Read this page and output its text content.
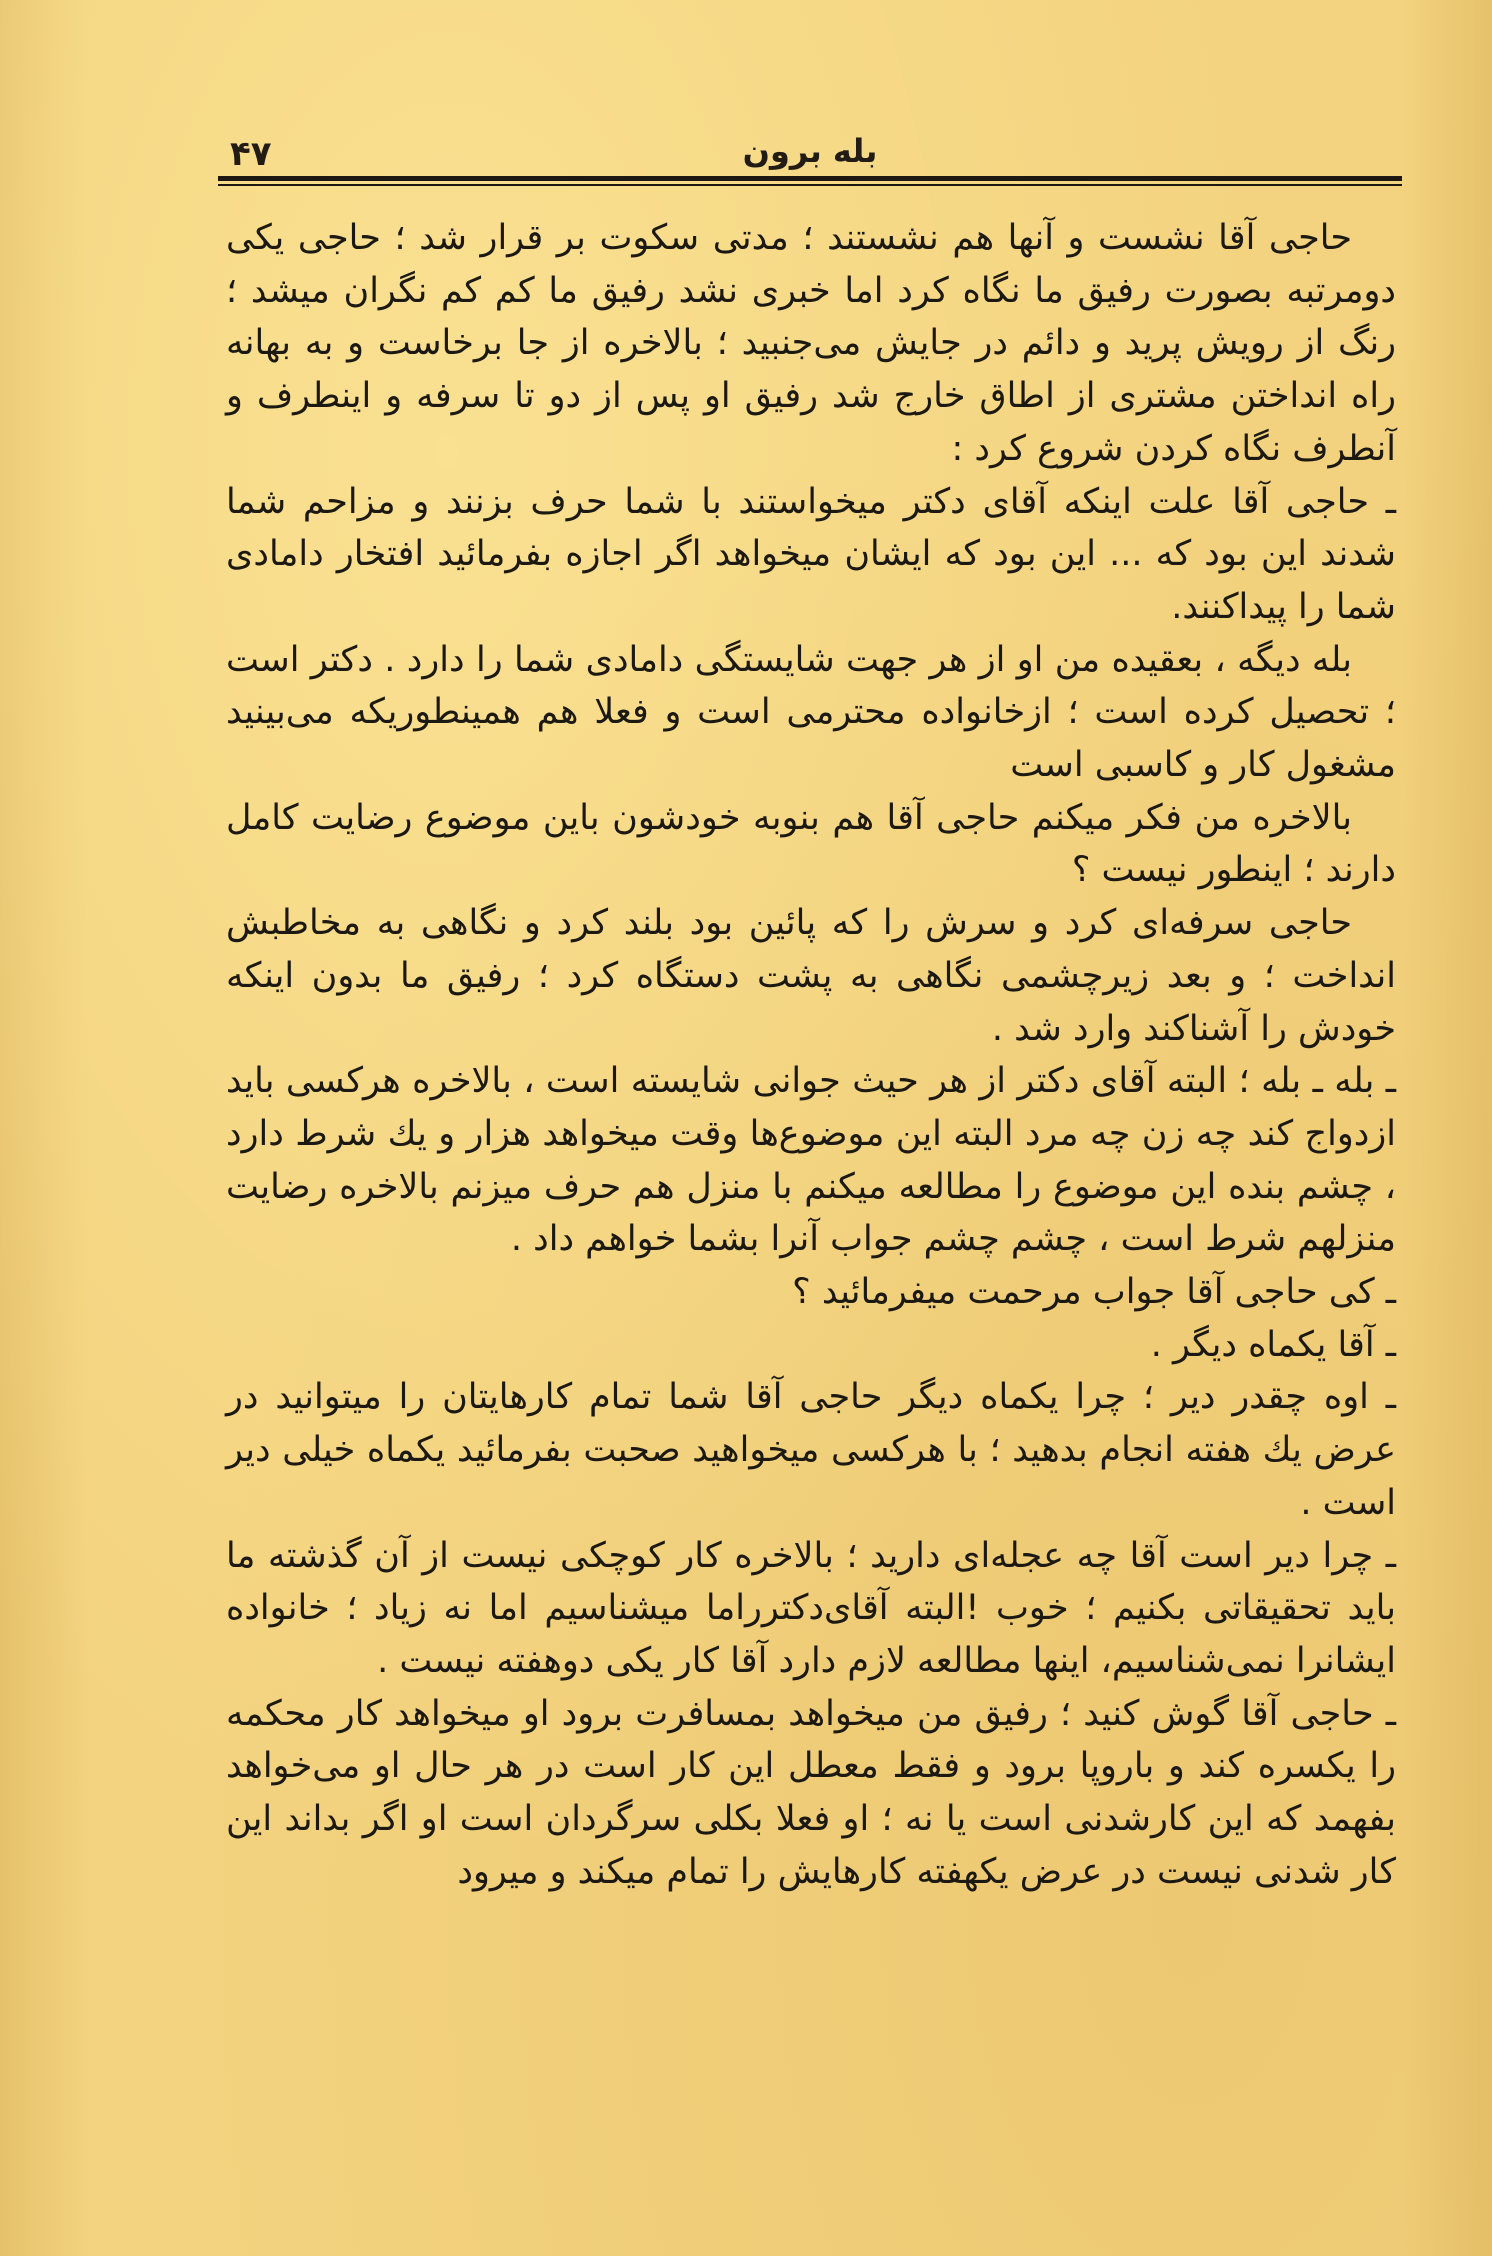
۴۷	بله برون

حاجی آقا نشست و آنها هم نشستند ؛ مدتی سکوت بر قرار شد ؛ حاجی یکی دومرتبه بصورت رفیق ما نگاه کرد اما خبری نشد رفیق ما کم کم نگران میشد ؛ رنگ از رویش پرید و دائم در جایش می‌جنبید ؛ بالاخره از جا برخاست و به بهانه راه انداختن مشتری از اطاق خارج شد رفیق او پس از دو تا سرفه و اینطرف و آنطرف نگاه کردن شروع کرد :

ـ حاجی آقا علت اینکه آقای دکتر میخواستند با شما حرف بزنند و مزاحم شما شدند این بود که ... این بود که ایشان میخواهد اگر اجازه بفرمائید افتخار دامادی شما را پیداکنند.

بله دیگه ، بعقیده من او از هر جهت شایستگی دامادی شما را دارد . دکتر است ؛ تحصیل کرده است ؛ ازخانواده محترمی است و فعلا هم همینطوریکه می‌بینید مشغول کار و کاسبی است

بالاخره من فکر میکنم حاجی آقا هم بنوبه خودشون باین موضوع رضایت کامل دارند ؛ اینطور نیست ؟

حاجی سرفه‌ای کرد و سرش را که پائین بود بلند کرد و نگاهی به مخاطبش انداخت ؛ و بعد زیرچشمی نگاهی به پشت دستگاه کرد ؛ رفیق ما بدون اینکه خودش را آشناکند وارد شد .

ـ بله ـ بله ؛ البته آقای دکتر از هر حیث جوانی شایسته است ، بالاخره هرکسی باید ازدواج کند چه زن چه مرد البته این موضوع‌ها وقت میخواهد هزار و یك شرط دارد ، چشم بنده این موضوع را مطالعه میکنم با منزل هم حرف میزنم بالاخره رضایت منزلهم شرط است ، چشم چشم جواب آنرا بشما خواهم داد .

ـ کی حاجی آقا جواب مرحمت میفرمائید ؟

ـ آقا یکماه دیگر .

ـ اوه چقدر دیر ؛ چرا یکماه دیگر حاجی آقا شما تمام کارهایتان را میتوانید در عرض یك هفته انجام بدهید ؛ با هرکسی میخواهید صحبت بفرمائید یکماه خیلی دیر است .

ـ چرا دیر است آقا چه عجله‌ای دارید ؛ بالاخره کار کوچکی نیست از آن گذشته ما باید تحقیقاتی بکنیم ؛ خوب !البته آقای‌دکتررا‌ما میشناسیم اما نه زیاد ؛ خانواده ایشانرا نمی‌شناسیم، اینها مطالعه لازم دارد آقا کار یکی دوهفته نیست .

ـ حاجی آقا گوش کنید ؛ رفیق من میخواهد بمسافرت برود او میخواهد کار محکمه را یکسره کند و باروپا برود و فقط معطل این کار است در هر حال او می‌خواهد بفهمد که این کارشدنی است یا نه ؛ او فعلا بکلی سرگردان است او اگر بداند این کار شدنی نیست در عرض یکهفته کارهایش را تمام میکند و میرود
